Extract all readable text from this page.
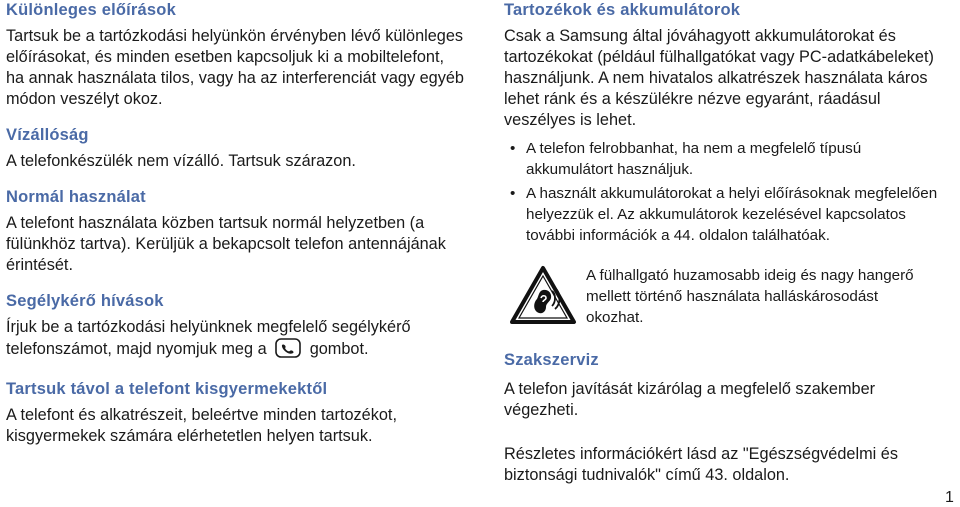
Különleges előírások

Tartsuk be a tartózkodási helyünkön érvényben lévő különleges előírásokat, és minden esetben kapcsoljuk ki a mobiltelefont, ha annak használata tilos, vagy ha az interferenciát vagy egyéb módon veszélyt okoz.

Vízállóság

A telefonkészülék nem vízálló. Tartsuk szárazon.

Normál használat

A telefont használata közben tartsuk normál helyzetben (a fülünkhöz tartva). Kerüljük a bekapcsolt telefon antennájának érintését.

Segélykérő hívások

Írjuk be a tartózkodási helyünknek megfelelő segélykérő telefonszámot, majd nyomjuk meg a	gombot.

Tartsuk távol a telefont kisgyermekektől

A telefont és alkatrészeit, beleértve minden tartozékot, kisgyermekek számára elérhetetlen helyen tartsuk.

Tartozékok és akkumulátorok

Csak a Samsung által jóváhagyott akkumulátorokat és tartozékokat (például fülhallgatókat vagy PC-adatkábeleket) használjunk. A nem hivatalos alkatrészek használata káros lehet ránk és a készülékre nézve egyaránt, ráadásul veszélyes is lehet.

• A telefon felrobbanhat, ha nem a megfelelő típusú akkumulátort használjuk.
• A használt akkumulátorokat a helyi előírásoknak megfelelően helyezzük el. Az akkumulátorok kezelésével kapcsolatos további információk a 44. oldalon találhatóak.

A fülhallgató huzamosabb ideig és nagy hangerő mellett történő használata halláskárosodást okozhat.

Szakszerviz

A telefon javítását kizárólag a megfelelő szakember végezheti.

Részletes információkért lásd az "Egészségvédelmi és biztonsági tudnivalók" című 43. oldalon.

1
